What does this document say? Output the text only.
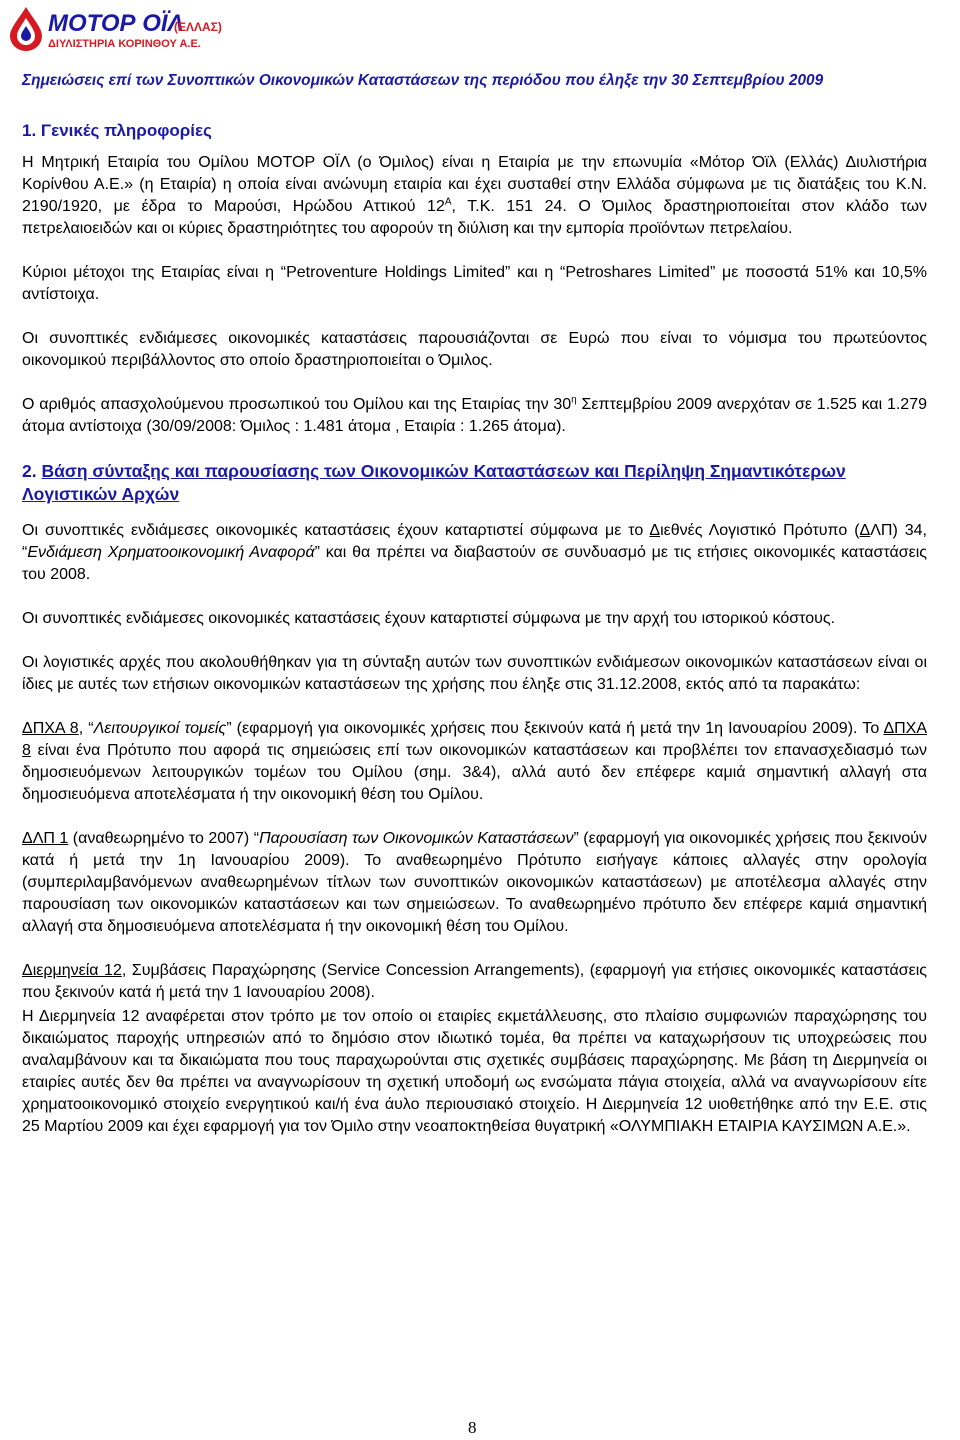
ΜΟΤΟΡ ΟΪΛ
(ΕΛΛΑΣ)
ΔΙΥΛΙΣΤΗΡΙΑ ΚΟΡΙΝΘΟΥ Α.Ε.
Σημειώσεις επί των Συνοπτικών Οικονομικών Καταστάσεων της περιόδου που έληξε την 30 Σεπτεμβρίου 2009
1. Γενικές πληροφορίες

Η Μητρική Εταιρία του Ομίλου ΜΟΤΟΡ ΟΪΛ (ο Όμιλος) είναι η Εταιρία με την επωνυμία «Μότορ Όϊλ (Ελλάς) Διυλιστήρια Κορίνθου Α.Ε.» (η Εταιρία) η οποία είναι ανώνυμη εταιρία και έχει συσταθεί στην Ελλάδα σύμφωνα με τις διατάξεις του Κ.Ν. 2190/1920, με έδρα το Μαρούσι, Ηρώδου Αττικού $12^A$, Τ.Κ. 151 24. Ο Όμιλος δραστηριοποιείται στον κλάδο των πετρελαιοειδών και οι κύριες δραστηριότητες του αφορούν τη διύλιση και την εμπορία προϊόντων πετρελαίου.

Κύριοι μέτοχοι της Εταιρίας είναι η “Petroventure Holdings Limited” και η “Petroshares Limited” με ποσοστά 51% και 10,5% αντίστοιχα.

Οι συνοπτικές ενδιάμεσες οικονομικές καταστάσεις παρουσιάζονται σε Ευρώ που είναι το νόμισμα του πρωτεύοντος οικονομικού περιβάλλοντος στο οποίο δραστηριοποιείται ο Όμιλος.

Ο αριθμός απασχολούμενου προσωπικού του Ομίλου και της Εταιρίας την $30^\eta$ Σεπτεμβρίου 2009 ανερχόταν σε 1.525 και 1.279 άτομα αντίστοιχα (30/09/2008: Όμιλος : 1.481 άτομα , Εταιρία : 1.265 άτομα).

2. Βάση σύνταξης και παρουσίασης των Οικονομικών Καταστάσεων και Περίληψη Σημαντικότερων Λογιστικών Αρχών

Οι συνοπτικές ενδιάμεσες οικονομικές καταστάσεις έχουν καταρτιστεί σύμφωνα με το Διεθνές Λογιστικό Πρότυπο (ΔΛΠ) 34, “Ενδιάμεση Χρηματοοικονομική Αναφορά” και θα πρέπει να διαβαστούν σε συνδυασμό με τις ετήσιες οικονομικές καταστάσεις του 2008.

Οι συνοπτικές ενδιάμεσες οικονομικές καταστάσεις έχουν καταρτιστεί σύμφωνα με την αρχή του ιστορικού κόστους.

Οι λογιστικές αρχές που ακολουθήθηκαν για τη σύνταξη αυτών των συνοπτικών ενδιάμεσων οικονομικών καταστάσεων είναι οι ίδιες με αυτές των ετήσιων οικονομικών καταστάσεων της χρήσης που έληξε στις 31.12.2008, εκτός από τα παρακάτω:

ΔΠΧΑ 8, “Λειτουργικοί τομείς” (εφαρμογή για οικονομικές χρήσεις που ξεκινούν κατά ή μετά την 1η Ιανουαρίου 2009). Το ΔΠΧΑ 8 είναι ένα Πρότυπο που αφορά τις σημειώσεις επί των οικονομικών καταστάσεων και προβλέπει τον επανασχεδιασμό των δημοσιευόμενων λειτουργικών τομέων του Ομίλου (σημ. 3&4), αλλά αυτό δεν επέφερε καμιά σημαντική αλλαγή στα δημοσιευόμενα αποτελέσματα ή την οικονομική θέση του Ομίλου.

ΔΛΠ 1 (αναθεωρημένο το 2007) “Παρουσίαση των Οικονομικών Καταστάσεων” (εφαρμογή για οικονομικές χρήσεις που ξεκινούν κατά ή μετά την 1η Ιανουαρίου 2009). Το αναθεωρημένο Πρότυπο εισήγαγε κάποιες αλλαγές στην ορολογία (συμπεριλαμβανόμενων αναθεωρημένων τίτλων των συνοπτικών οικονομικών καταστάσεων) με αποτέλεσμα αλλαγές στην παρουσίαση των οικονομικών καταστάσεων και των σημειώσεων. Το αναθεωρημένο πρότυπο δεν επέφερε καμιά σημαντική αλλαγή στα δημοσιευόμενα αποτελέσματα ή την οικονομική θέση του Ομίλου.

Διερμηνεία 12, Συμβάσεις Παραχώρησης (Service Concession Arrangements), (εφαρμογή για ετήσιες οικονομικές καταστάσεις που ξεκινούν κατά ή μετά την 1 Ιανουαρίου 2008).

Η Διερμηνεία 12 αναφέρεται στον τρόπο με τον οποίο οι εταιρίες εκμετάλλευσης, στο πλαίσιο συμφωνιών παραχώρησης του δικαιώματος παροχής υπηρεσιών από το δημόσιο στον ιδιωτικό τομέα, θα πρέπει να καταχωρήσουν τις υποχρεώσεις που αναλαμβάνουν και τα δικαιώματα που τους παραχωρούνται στις σχετικές συμβάσεις παραχώρησης. Με βάση τη Διερμηνεία οι εταιρίες αυτές δεν θα πρέπει να αναγνωρίσουν τη σχετική υποδομή ως ενσώματα πάγια στοιχεία, αλλά να αναγνωρίσουν είτε χρηματοοικονομικό στοιχείο ενεργητικού και/ή ένα άυλο περιουσιακό στοιχείο. Η Διερμηνεία 12 υιοθετήθηκε από την Ε.Ε. στις 25 Μαρτίου 2009 και έχει εφαρμογή για τον Όμιλο στην νεοαποκτηθείσα θυγατρική «ΟΛΥΜΠΙΑΚΗ ΕΤΑΙΡΙΑ ΚΑΥΣΙΜΩΝ Α.Ε.».

8
